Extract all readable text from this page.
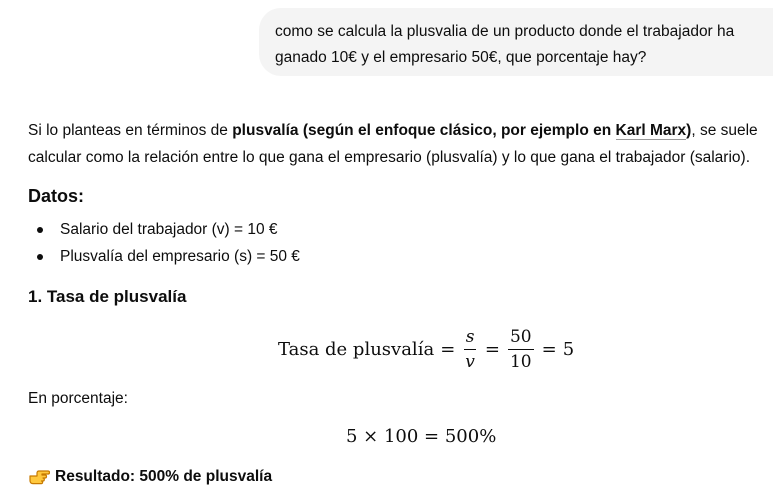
como se calcula la plusvalia de un producto donde el trabajador ha
ganado 10€ y el empresario 50€, que porcentaje hay?
Si lo planteas en términos de plusvalía (según el enfoque clásico, por ejemplo en Karl Marx), se suele calcular como la relación entre lo que gana el empresario (plusvalía) y lo que gana el trabajador (salario).
Datos:
Salario del trabajador (v) = 10 €
Plusvalía del empresario (s) = 50 €
1. Tasa de plusvalía
Tasa de plusvalía = $\frac{s}{v} = \frac{50}{10} = 5$
En porcentaje:
5 × 100 = 500%
Resultado: 500% de plusvalía
